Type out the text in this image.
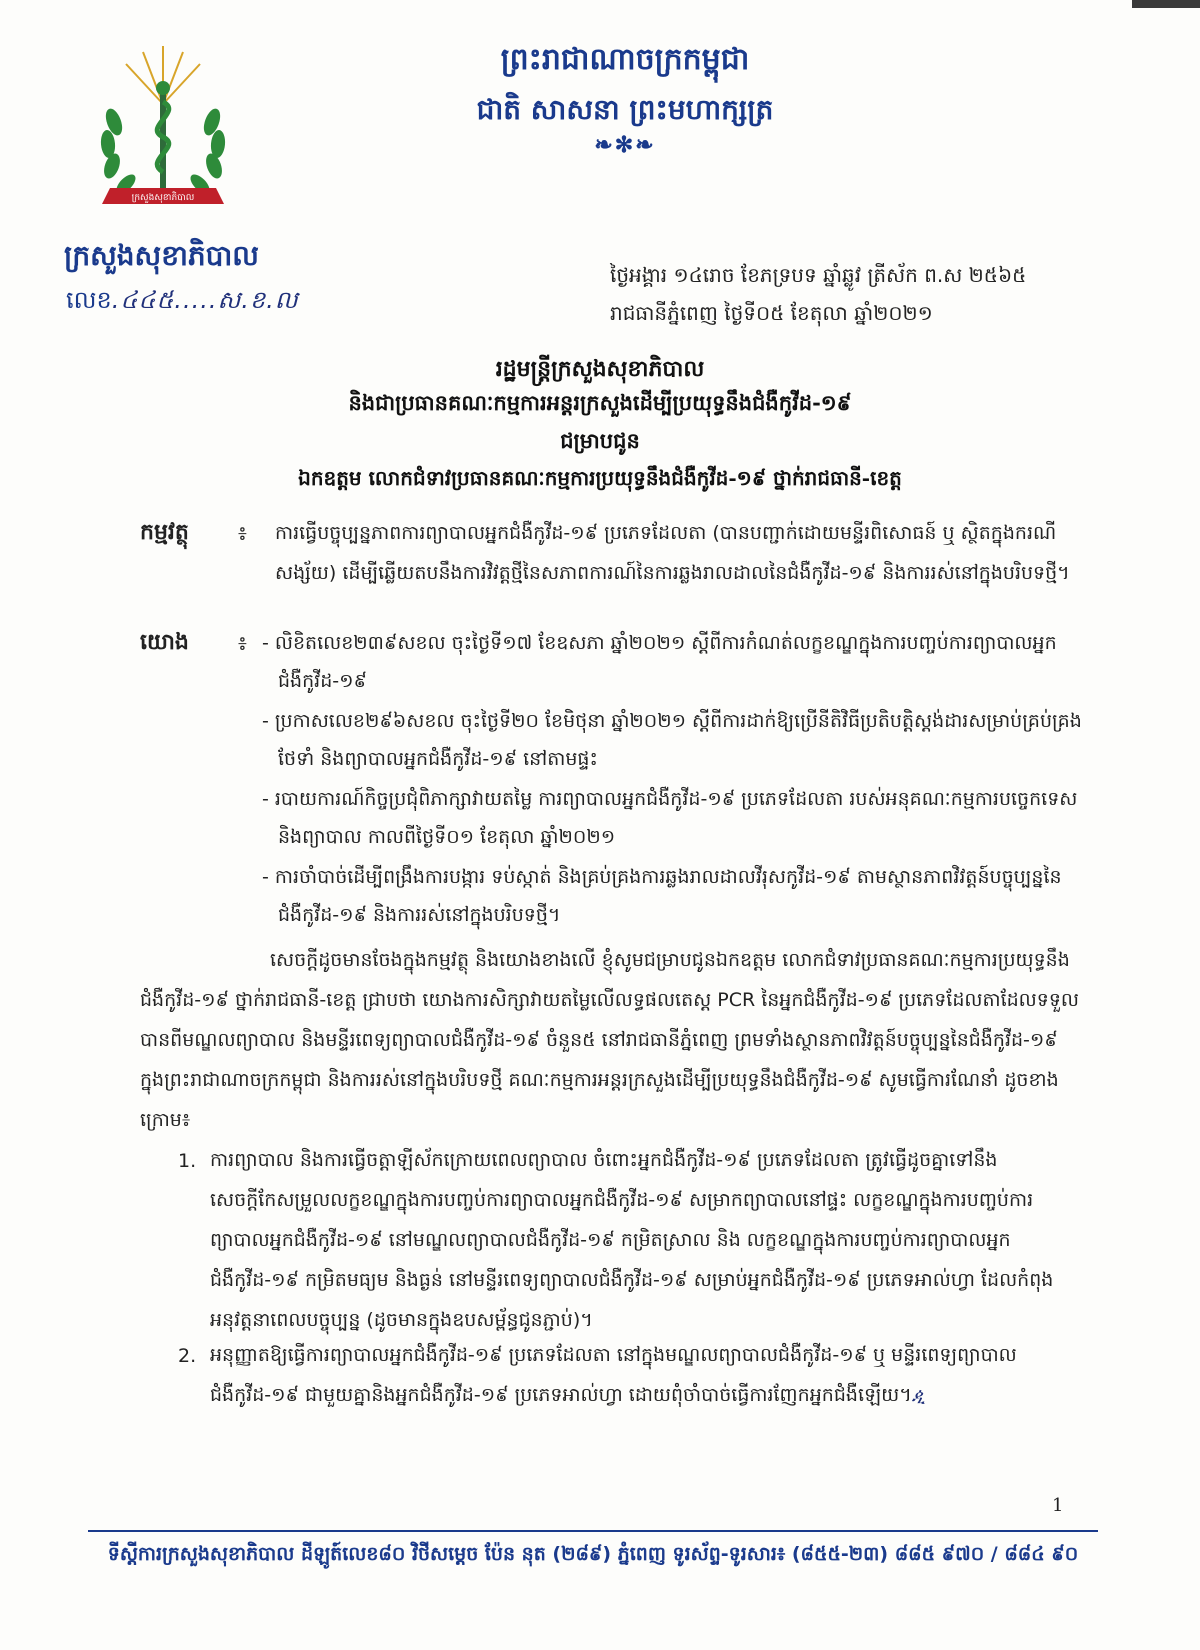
ក្រសួងសុខាភិបាល
ព្រះរាជាណាចក្រកម្ពុជា
ជាតិ សាសនា ព្រះមហាក្សត្រ
❧✻❧
ក្រសួងសុខាភិបាល
លេខ.៤៤៥.....ស.ខ.ល
ថ្ងៃអង្គារ ១៤រោច ខែភទ្របទ ឆ្នាំឆ្លូវ ត្រីស័ក ព.ស ២៥៦៥
រាជធានីភ្នំពេញ ថ្ងៃទី០៥ ខែតុលា ឆ្នាំ២០២១
រដ្ឋមន្ត្រីក្រសួងសុខាភិបាល
និងជាប្រធានគណៈកម្មការអន្តរក្រសួងដើម្បីប្រយុទ្ធនឹងជំងឺកូវីដ-១៩
ជម្រាបជូន
ឯកឧត្តម លោកជំទាវប្រធានគណៈកម្មការប្រយុទ្ធនឹងជំងឺកូវីដ-១៩ ថ្នាក់រាជធានី-ខេត្ត
កម្មវត្ថុ ៖ ការធ្វើបច្ចុប្បន្នភាពការព្យាបាលអ្នកជំងឺកូវីដ-១៩ ប្រភេទដែលតា (បានបញ្ជាក់ដោយមន្ទីរពិសោធន៍ ឬ ស្ថិតក្នុងករណីសង្ស័យ) ដើម្បីឆ្លើយតបនឹងការវិវត្តថ្មីនៃសភាពការណ៍នៃការឆ្លងរាលដាលនៃជំងឺកូវីដ-១៩ និងការរស់នៅក្នុងបរិបទថ្មី។
យោង ៖ - លិខិតលេខ២៣៩សខល ចុះថ្ងៃទី១៧ ខែឧសភា ឆ្នាំ២០២១ ស្តីពីការកំណត់លក្ខខណ្ឌក្នុងការបញ្ចប់ការព្យាបាលអ្នកជំងឺកូវីដ-១៩
- ប្រកាសលេខ២៩៦សខល ចុះថ្ងៃទី២០ ខែមិថុនា ឆ្នាំ២០២១ ស្តីពីការដាក់ឱ្យប្រើនីតិវិធីប្រតិបត្តិស្តង់ដារសម្រាប់គ្រប់គ្រង ថែទាំ និងព្យាបាលអ្នកជំងឺកូវីដ-១៩ នៅតាមផ្ទះ
- របាយការណ៍កិច្ចប្រជុំពិភាក្សាវាយតម្លៃ ការព្យាបាលអ្នកជំងឺកូវីដ-១៩ ប្រភេទដែលតា របស់អនុគណៈកម្មការបច្ចេកទេស និងព្យាបាល កាលពីថ្ងៃទី០១ ខែតុលា ឆ្នាំ២០២១
- ការចាំបាច់ដើម្បីពង្រឹងការបង្ការ ទប់ស្កាត់ និងគ្រប់គ្រងការឆ្លងរាលដាលវីរុសកូវីដ-១៩ តាមស្ថានភាពវិវត្តន៍បច្ចុប្បន្ននៃជំងឺកូវីដ-១៩ និងការរស់នៅក្នុងបរិបទថ្មី។
សេចក្តីដូចមានចែងក្នុងកម្មវត្ថុ និងយោងខាងលើ ខ្ញុំសូមជម្រាបជូនឯកឧត្តម លោកជំទាវប្រធានគណៈកម្មការប្រយុទ្ធនឹងជំងឺកូវីដ-១៩ ថ្នាក់រាជធានី-ខេត្ត ជ្រាបថា យោងការសិក្សាវាយតម្លៃលើលទ្ធផលតេស្ត PCR នៃអ្នកជំងឺកូវីដ-១៩ ប្រភេទដែលតាដែលទទួលបានពីមណ្ឌលព្យាបាល និងមន្ទីរពេទ្យព្យាបាលជំងឺកូវីដ-១៩ ចំនួន៥ នៅរាជធានីភ្នំពេញ ព្រមទាំងស្ថានភាពវិវត្តន៍បច្ចុប្បន្ននៃជំងឺកូវីដ-១៩ ក្នុងព្រះរាជាណាចក្រកម្ពុជា និងការរស់នៅក្នុងបរិបទថ្មី គណៈកម្មការអន្តរក្រសួងដើម្បីប្រយុទ្ធនឹងជំងឺកូវីដ-១៩ សូមធ្វើការណែនាំ ដូចខាងក្រោម៖
1. ការព្យាបាល និងការធ្វើចត្តាឡីស័កក្រោយពេលព្យាបាល ចំពោះអ្នកជំងឺកូវីដ-១៩ ប្រភេទដែលតា ត្រូវធ្វើដូចគ្នាទៅនឹងសេចក្តីកែសម្រួលលក្ខខណ្ឌក្នុងការបញ្ចប់ការព្យាបាលអ្នកជំងឺកូវីដ-១៩ សម្រាកព្យាបាលនៅផ្ទះ លក្ខខណ្ឌក្នុងការបញ្ចប់ការព្យាបាលអ្នកជំងឺកូវីដ-១៩ នៅមណ្ឌលព្យាបាលជំងឺកូវីដ-១៩ កម្រិតស្រាល និង លក្ខខណ្ឌក្នុងការបញ្ចប់ការព្យាបាលអ្នកជំងឺកូវីដ-១៩ កម្រិតមធ្យម និងធ្ងន់ នៅមន្ទីរពេទ្យព្យាបាលជំងឺកូវីដ-១៩ សម្រាប់អ្នកជំងឺកូវីដ-១៩ ប្រភេទអាល់ហ្វា ដែលកំពុងអនុវត្តនាពេលបច្ចុប្បន្ន (ដូចមានក្នុងឧបសម្ព័ន្ធជូនភ្ជាប់)។
2. អនុញ្ញាតឱ្យធ្វើការព្យាបាលអ្នកជំងឺកូវីដ-១៩ ប្រភេទដែលតា នៅក្នុងមណ្ឌលព្យាបាលជំងឺកូវីដ-១៩ ឬ មន្ទីរពេទ្យព្យាបាលជំងឺកូវីដ-១៩ ជាមួយគ្នានិងអ្នកជំងឺកូវីដ-១៩ ប្រភេទអាល់ហ្វា ដោយពុំចាំបាច់ធ្វើការញែកអ្នកជំងឺឡើយ។ዺ
1
ទីស្តីការក្រសួងសុខាភិបាល ដីឡូត៍លេខ៨០ វិថីសម្តេច ប៉ែន នុត (២៨៩) ភ្នំពេញ ទូរស័ព្ទ-ទូរសារ៖ (៨៥៥-២៣) ៨៨៥ ៩៧០ / ៨៨៤ ៩០
